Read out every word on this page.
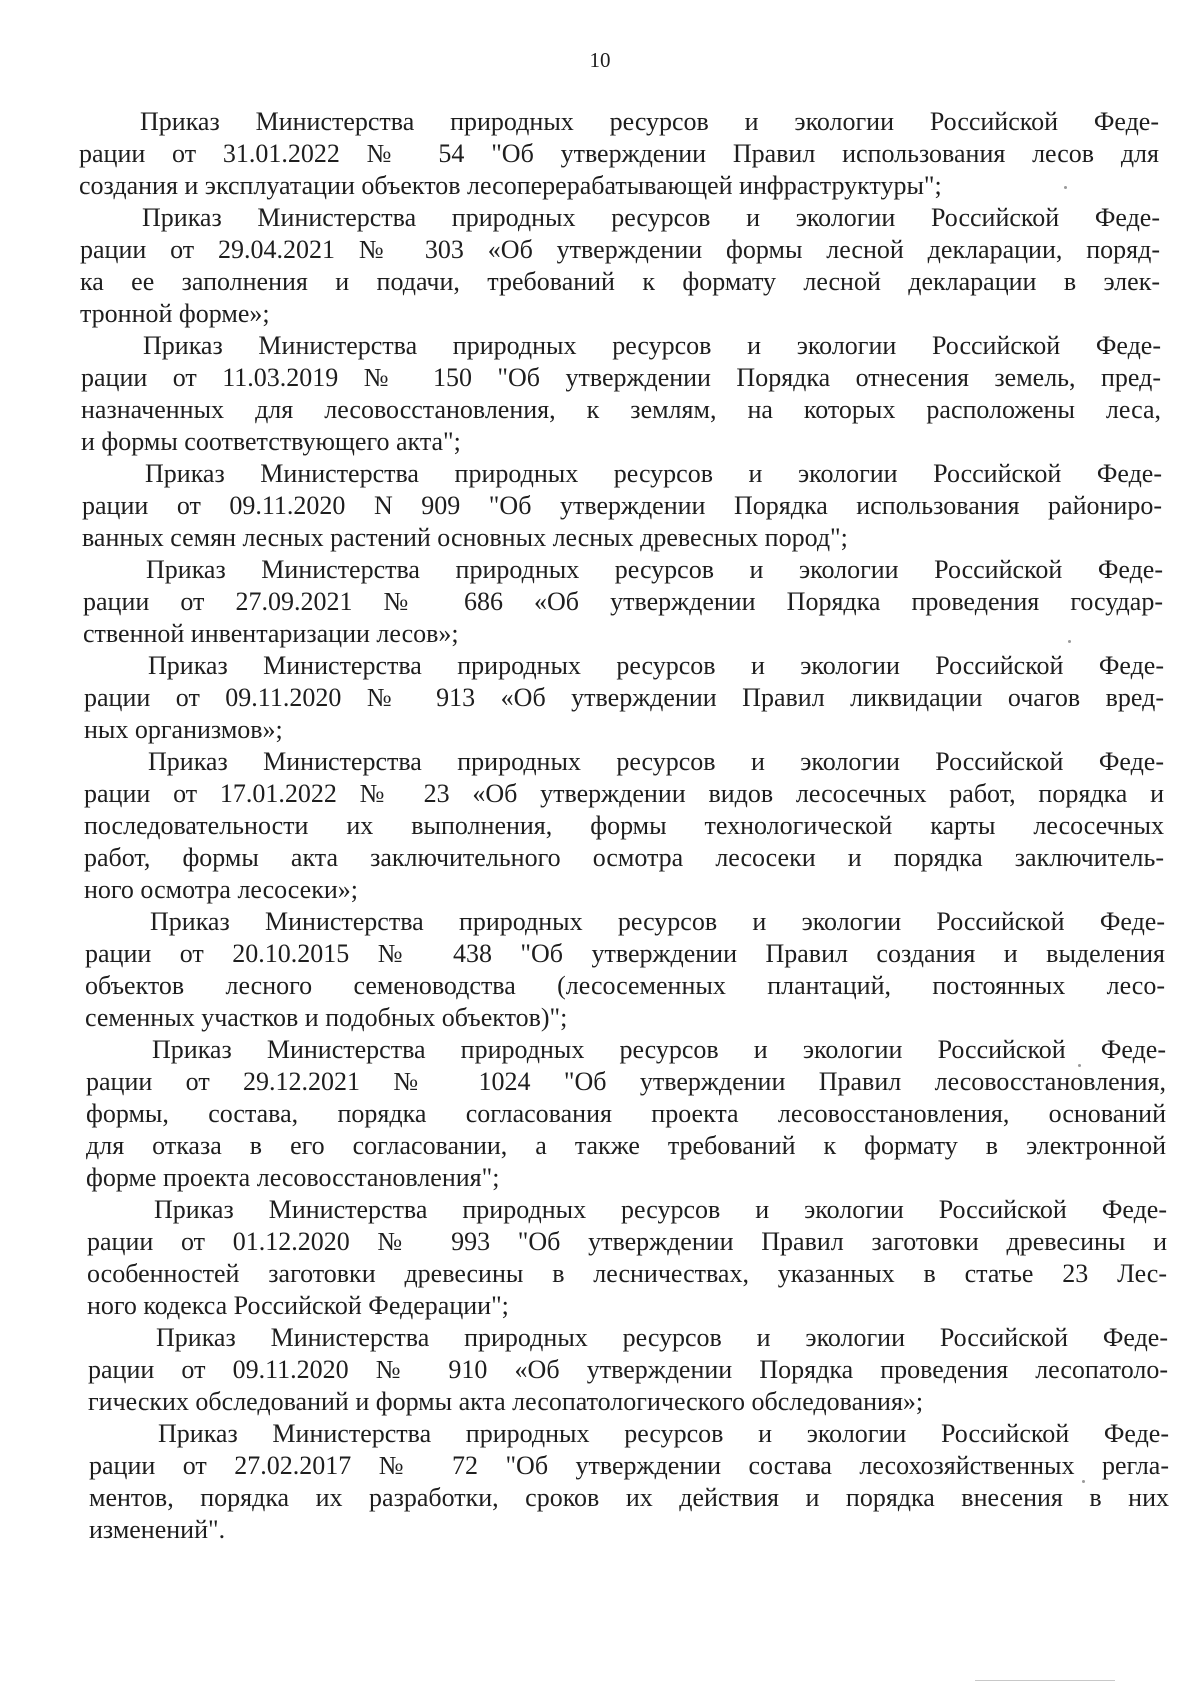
10
Приказ Министерства природных ресурсов и экологии Российской Феде-
рации от 31.01.2022 № 54 "Об утверждении Правил использования лесов для
создания и эксплуатации объектов лесоперерабатывающей инфраструктуры";
Приказ Министерства природных ресурсов и экологии Российской Феде-
рации от 29.04.2021 № 303 «Об утверждении формы лесной декларации, поряд-
ка ее заполнения и подачи, требований к формату лесной декларации в элек-
тронной форме»;
Приказ Министерства природных ресурсов и экологии Российской Феде-
рации от 11.03.2019 № 150 "Об утверждении Порядка отнесения земель, пред-
назначенных для лесовосстановления, к землям, на которых расположены леса,
и формы соответствующего акта";
Приказ Министерства природных ресурсов и экологии Российской Феде-
рации от 09.11.2020 N 909 "Об утверждении Порядка использования райониро-
ванных семян лесных растений основных лесных древесных пород";
Приказ Министерства природных ресурсов и экологии Российской Феде-
рации от 27.09.2021 № 686 «Об утверждении Порядка проведения государ-
ственной инвентаризации лесов»;
Приказ Министерства природных ресурсов и экологии Российской Феде-
рации от 09.11.2020 № 913 «Об утверждении Правил ликвидации очагов вред-
ных организмов»;
Приказ Министерства природных ресурсов и экологии Российской Феде-
рации от 17.01.2022 № 23 «Об утверждении видов лесосечных работ, порядка и
последовательности их выполнения, формы технологической карты лесосечных
работ, формы акта заключительного осмотра лесосеки и порядка заключитель-
ного осмотра лесосеки»;
Приказ Министерства природных ресурсов и экологии Российской Феде-
рации от 20.10.2015 № 438 "Об утверждении Правил создания и выделения
объектов лесного семеноводства (лесосеменных плантаций, постоянных лесо-
семенных участков и подобных объектов)";
Приказ Министерства природных ресурсов и экологии Российской Феде-
рации от 29.12.2021 № 1024 "Об утверждении Правил лесовосстановления,
формы, состава, порядка согласования проекта лесовосстановления, оснований
для отказа в его согласовании, а также требований к формату в электронной
форме проекта лесовосстановления";
Приказ Министерства природных ресурсов и экологии Российской Феде-
рации от 01.12.2020 № 993 "Об утверждении Правил заготовки древесины и
особенностей заготовки древесины в лесничествах, указанных в статье 23 Лес-
ного кодекса Российской Федерации";
Приказ Министерства природных ресурсов и экологии Российской Феде-
рации от 09.11.2020 № 910 «Об утверждении Порядка проведения лесопатоло-
гических обследований и формы акта лесопатологического обследования»;
Приказ Министерства природных ресурсов и экологии Российской Феде-
рации от 27.02.2017 № 72 "Об утверждении состава лесохозяйственных регла-
ментов, порядка их разработки, сроков их действия и порядка внесения в них
изменений".
